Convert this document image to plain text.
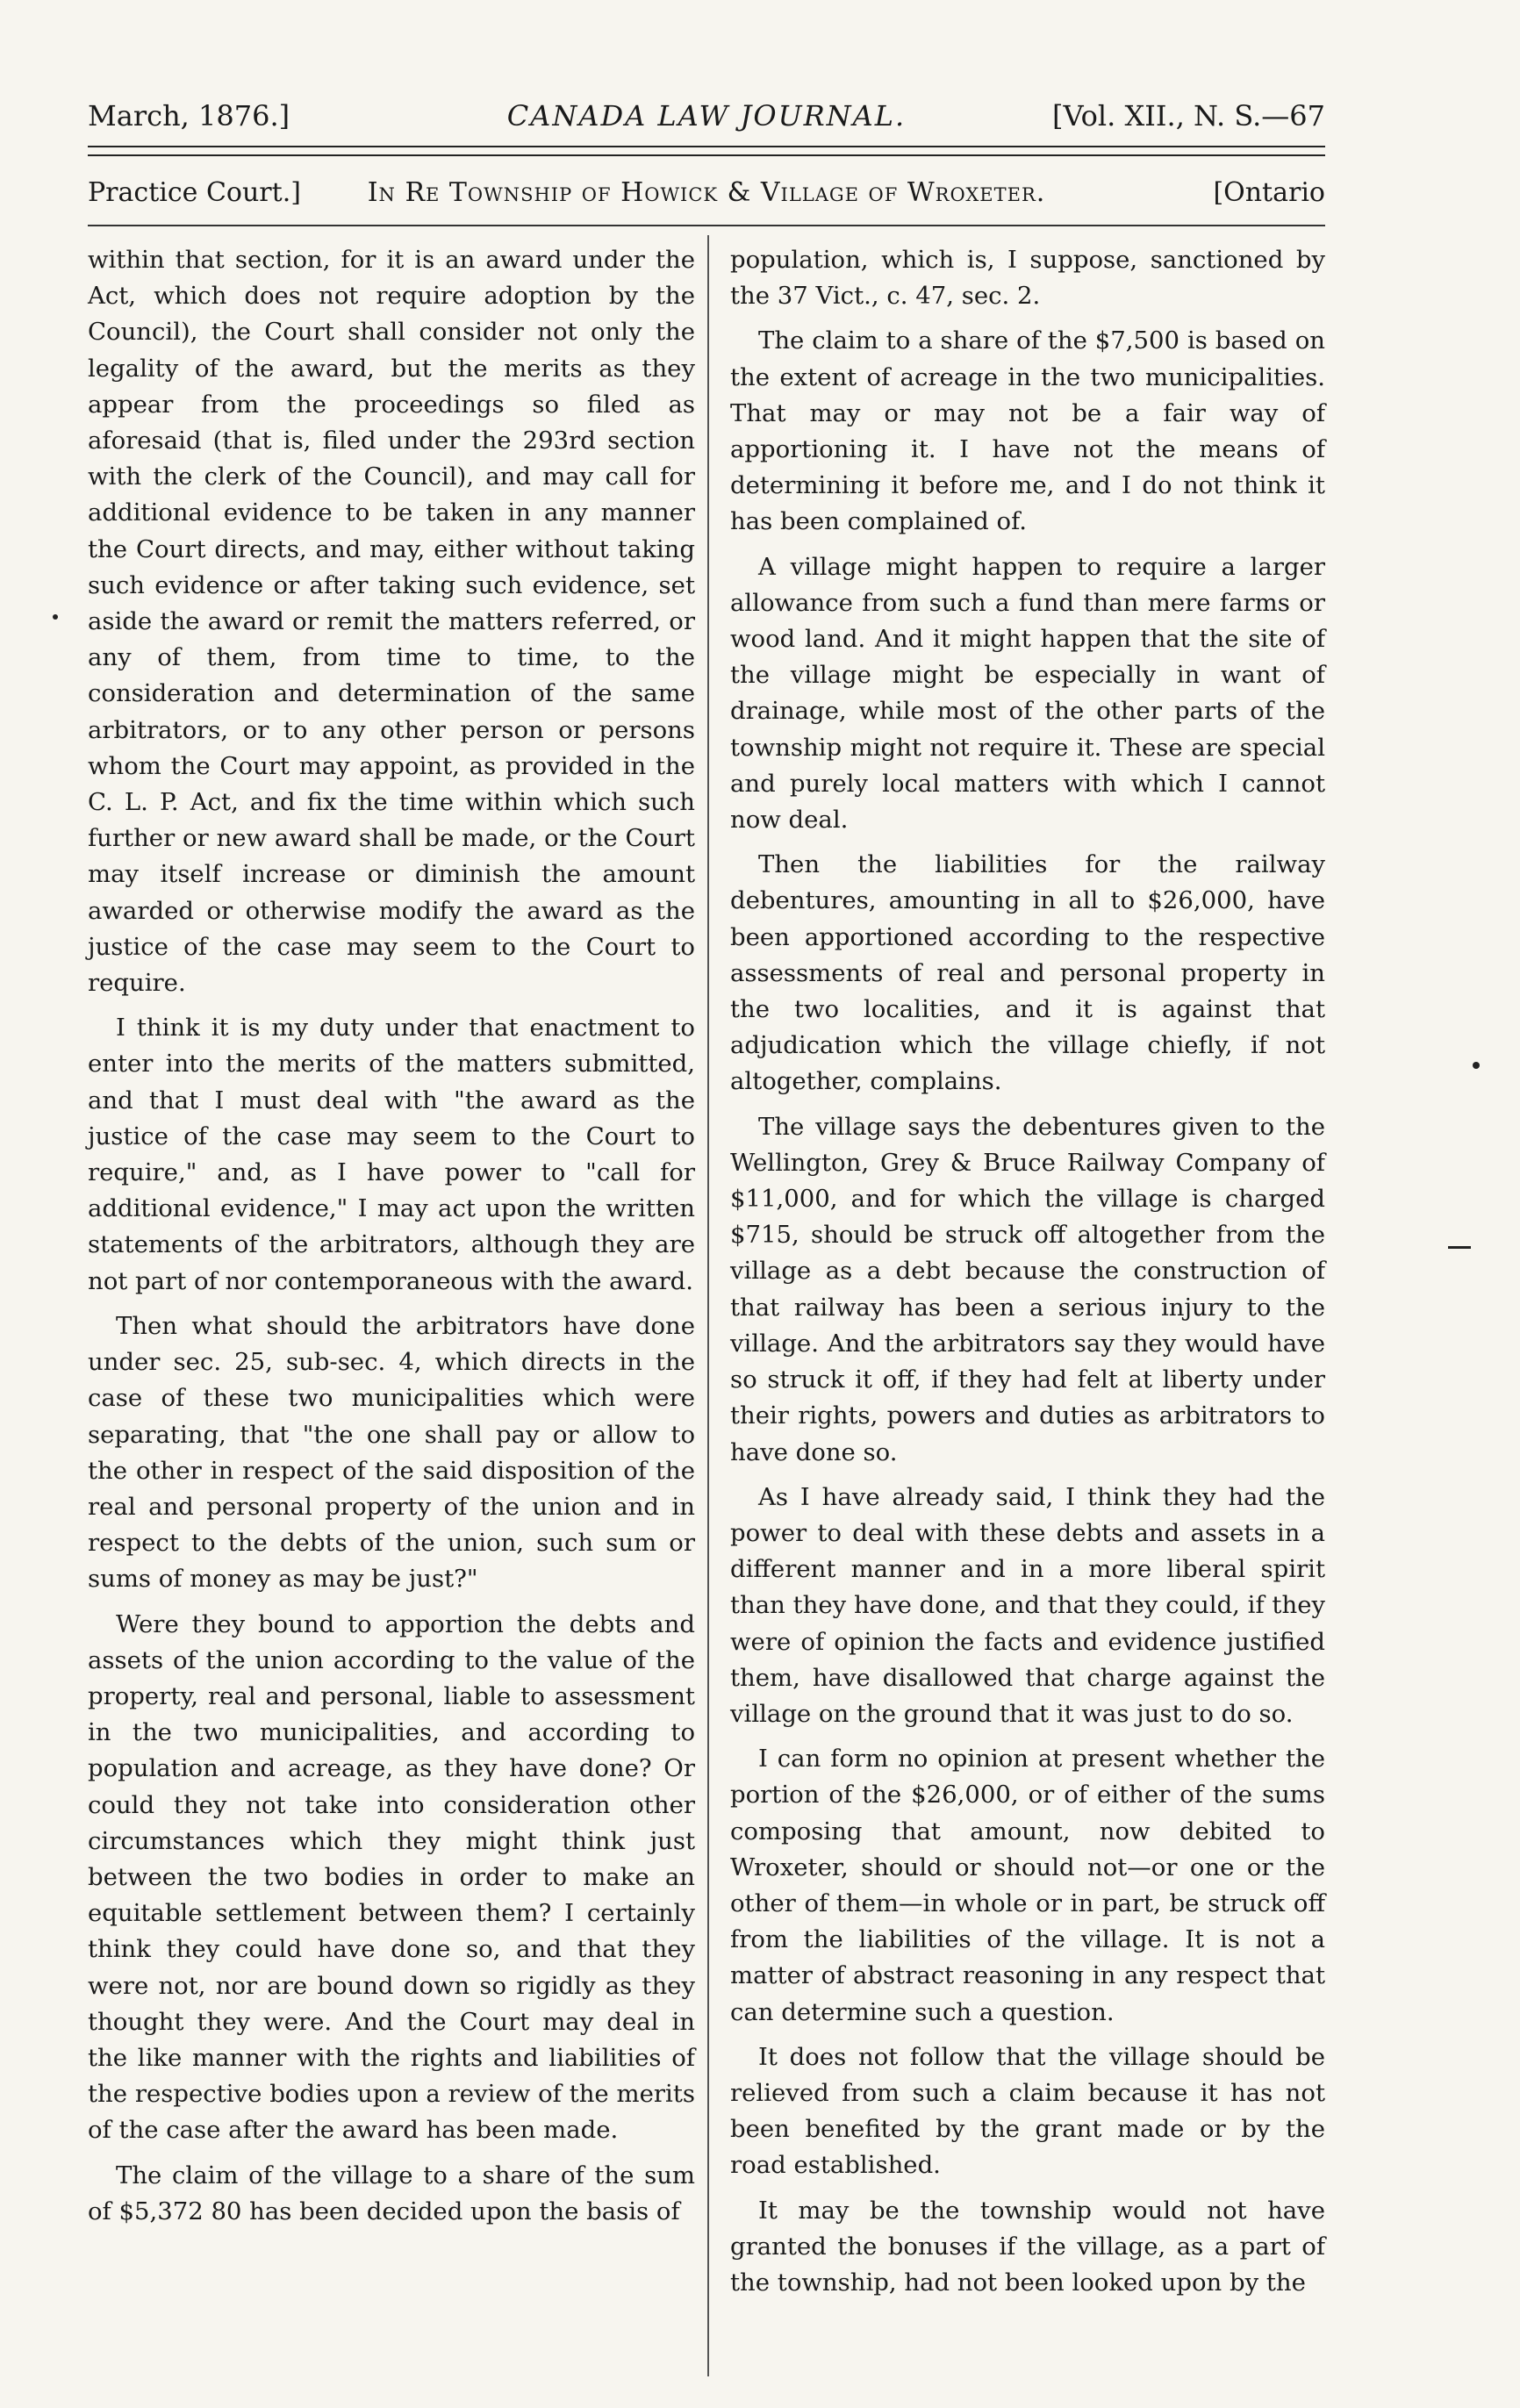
March, 1876.]	CANADA LAW JOURNAL.	[Vol. XII., N. S.—67
Practice Court.]	In Re Township of Howick & Village of Wroxeter.	[Ontario

within that section, for it is an award under the Act, which does not require adoption by the Council), the Court shall consider not only the legality of the award, but the merits as they appear from the proceedings so filed as aforesaid (that is, filed under the 293rd section with the clerk of the Council), and may call for additional evidence to be taken in any manner the Court directs, and may, either without taking such evidence or after taking such evidence, set aside the award or remit the matters referred, or any of them, from time to time, to the consideration and determination of the same arbitrators, or to any other person or persons whom the Court may appoint, as provided in the C. L. P. Act, and fix the time within which such further or new award shall be made, or the Court may itself increase or diminish the amount awarded or otherwise modify the award as the justice of the case may seem to the Court to require.

I think it is my duty under that enactment to enter into the merits of the matters submitted, and that I must deal with "the award as the justice of the case may seem to the Court to require," and, as I have power to "call for additional evidence," I may act upon the written statements of the arbitrators, although they are not part of nor contemporaneous with the award.

Then what should the arbitrators have done under sec. 25, sub-sec. 4, which directs in the case of these two municipalities which were separating, that "the one shall pay or allow to the other in respect of the said disposition of the real and personal property of the union and in respect to the debts of the union, such sum or sums of money as may be just?"

Were they bound to apportion the debts and assets of the union according to the value of the property, real and personal, liable to assessment in the two municipalities, and according to population and acreage, as they have done? Or could they not take into consideration other circumstances which they might think just between the two bodies in order to make an equitable settlement between them? I certainly think they could have done so, and that they were not, nor are bound down so rigidly as they thought they were. And the Court may deal in the like manner with the rights and liabilities of the respective bodies upon a review of the merits of the case after the award has been made.

The claim of the village to a share of the sum of $5,372 80 has been decided upon the basis of

population, which is, I suppose, sanctioned by the 37 Vict., c. 47, sec. 2.

The claim to a share of the $7,500 is based on the extent of acreage in the two municipalities. That may or may not be a fair way of apportioning it. I have not the means of determining it before me, and I do not think it has been complained of.

A village might happen to require a larger allowance from such a fund than mere farms or wood land. And it might happen that the site of the village might be especially in want of drainage, while most of the other parts of the township might not require it. These are special and purely local matters with which I cannot now deal.

Then the liabilities for the railway debentures, amounting in all to $26,000, have been apportioned according to the respective assessments of real and personal property in the two localities, and it is against that adjudication which the village chiefly, if not altogether, complains.

The village says the debentures given to the Wellington, Grey & Bruce Railway Company of $11,000, and for which the village is charged $715, should be struck off altogether from the village as a debt because the construction of that railway has been a serious injury to the village. And the arbitrators say they would have so struck it off, if they had felt at liberty under their rights, powers and duties as arbitrators to have done so.

As I have already said, I think they had the power to deal with these debts and assets in a different manner and in a more liberal spirit than they have done, and that they could, if they were of opinion the facts and evidence justified them, have disallowed that charge against the village on the ground that it was just to do so.

I can form no opinion at present whether the portion of the $26,000, or of either of the sums composing that amount, now debited to Wroxeter, should or should not—or one or the other of them—in whole or in part, be struck off from the liabilities of the village. It is not a matter of abstract reasoning in any respect that can determine such a question.

It does not follow that the village should be relieved from such a claim because it has not been benefited by the grant made or by the road established.

It may be the township would not have granted the bonuses if the village, as a part of the township, had not been looked upon by the
